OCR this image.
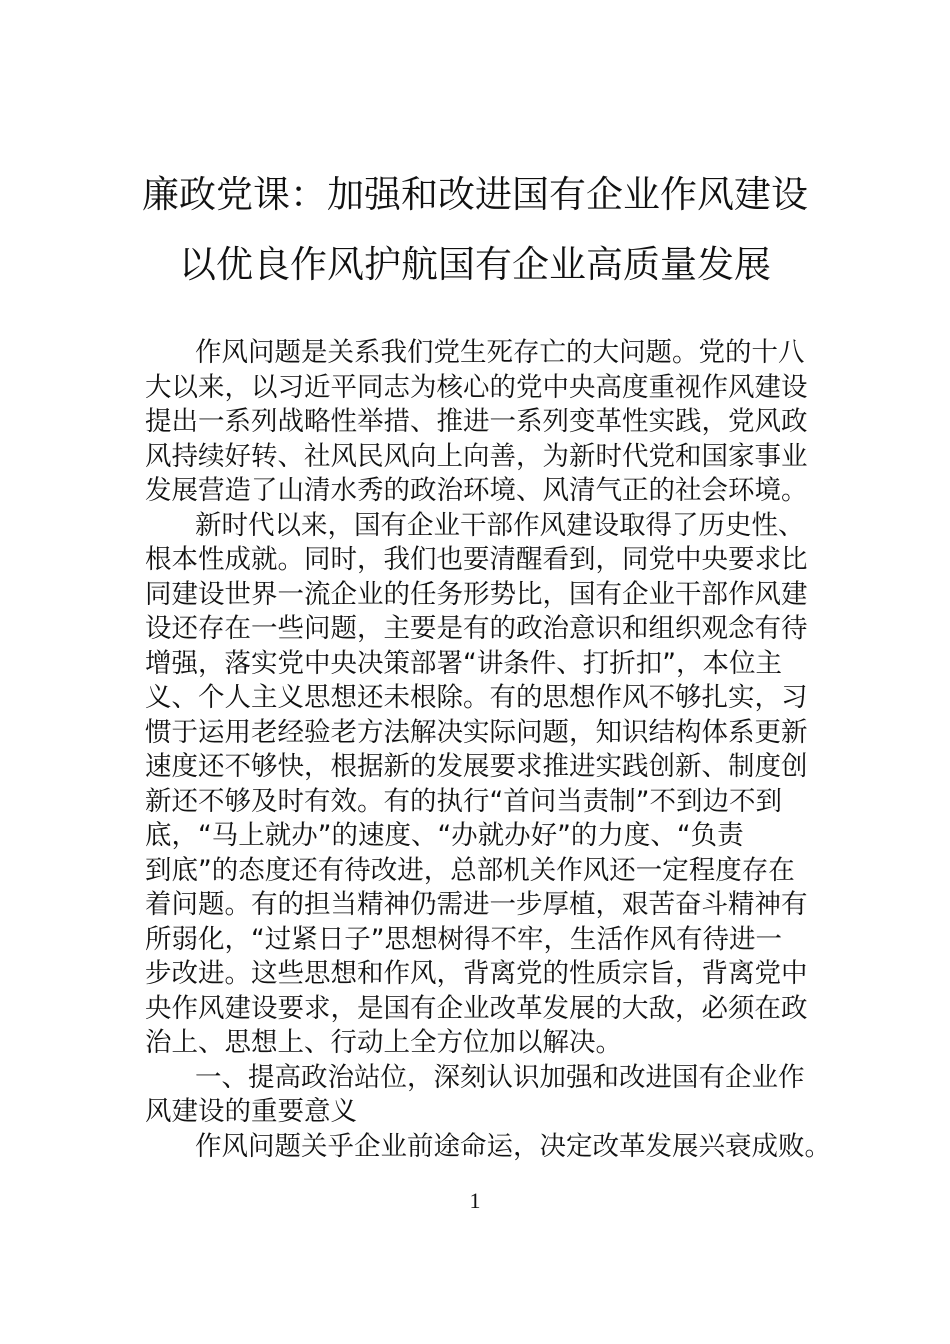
廉政党课：加强和改进国有企业作风建设
以优良作风护航国有企业高质量发展
作风问题是关系我们党生死存亡的大问题。党的十八
大以来，以习近平同志为核心的党中央高度重视作风建设
提出一系列战略性举措、推进一系列变革性实践，党风政
风持续好转、社风民风向上向善，为新时代党和国家事业
发展营造了山清水秀的政治环境、风清气正的社会环境。
新时代以来，国有企业干部作风建设取得了历史性、
根本性成就。同时，我们也要清醒看到，同党中央要求比
同建设世界一流企业的任务形势比，国有企业干部作风建
设还存在一些问题，主要是有的政治意识和组织观念有待
增强，落实党中央决策部署“讲条件、打折扣”，本位主
义、个人主义思想还未根除。有的思想作风不够扎实，习
惯于运用老经验老方法解决实际问题，知识结构体系更新
速度还不够快，根据新的发展要求推进实践创新、制度创
新还不够及时有效。有的执行“首问当责制”不到边不到
底，“马上就办”的速度、“办就办好”的力度、“负责
到底”的态度还有待改进，总部机关作风还一定程度存在
着问题。有的担当精神仍需进一步厚植，艰苦奋斗精神有
所弱化，“过紧日子”思想树得不牢，生活作风有待进一
步改进。这些思想和作风，背离党的性质宗旨，背离党中
央作风建设要求，是国有企业改革发展的大敌，必须在政
治上、思想上、行动上全方位加以解决。
一、提高政治站位，深刻认识加强和改进国有企业作
风建设的重要意义
作风问题关乎企业前途命运，决定改革发展兴衰成败。
1
